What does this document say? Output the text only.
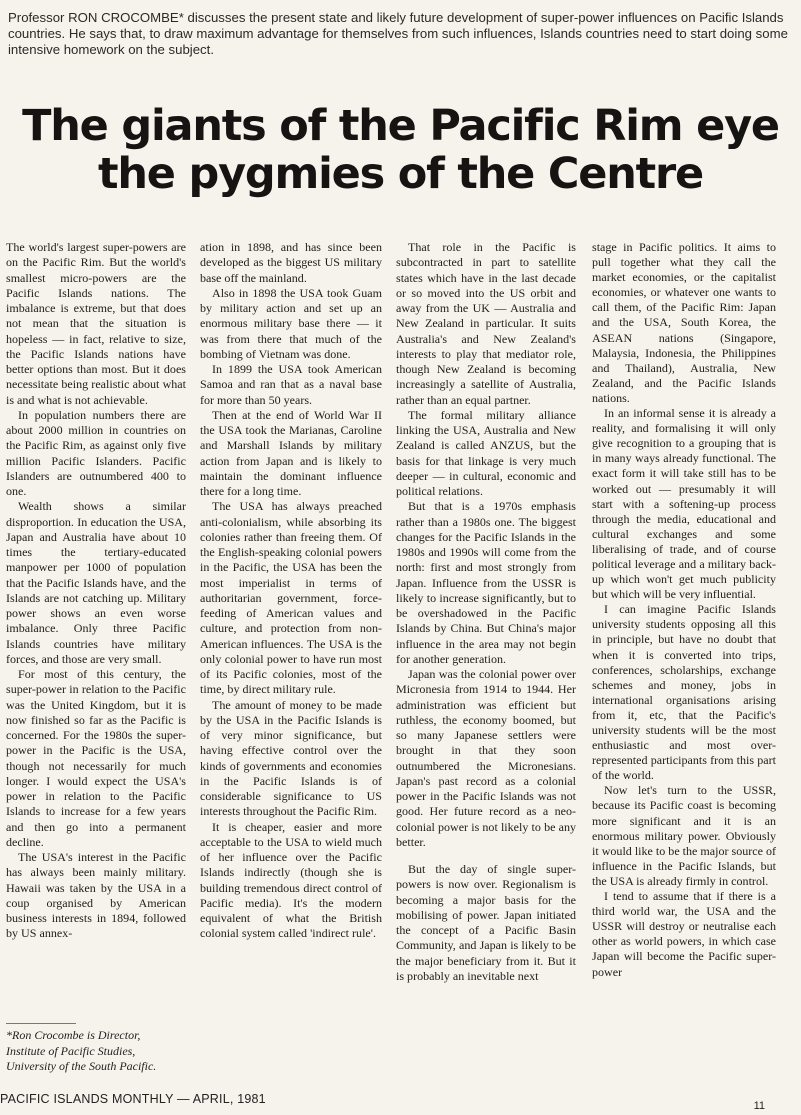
Professor RON CROCOMBE* discusses the present state and likely future development of super-power influences on Pacific Islands countries. He says that, to draw maximum advantage for themselves from such influences, Islands countries need to start doing some intensive homework on the subject.
The giants of the Pacific Rim eye
the pygmies of the Centre

The world's largest super-powers are on the Pacific Rim. But the world's smallest micro-powers are the Pacific Islands nations. The imbalance is extreme, but that does not mean that the situation is hopeless — in fact, relative to size, the Pacific Islands nations have better options than most. But it does necessitate being realistic about what is and what is not achievable.

In population numbers there are about 2000 million in countries on the Pacific Rim, as against only five million Pacific Islanders. Pacific Islanders are outnumbered 400 to one.

Wealth shows a similar disproportion. In education the USA, Japan and Australia have about 10 times the tertiary-educated manpower per 1000 of population that the Pacific Islands have, and the Islands are not catching up. Military power shows an even worse imbalance. Only three Pacific Islands countries have military forces, and those are very small.

For most of this century, the super-power in relation to the Pacific was the United Kingdom, but it is now finished so far as the Pacific is concerned. For the 1980s the super-power in the Pacific is the USA, though not necessarily for much longer. I would expect the USA's power in relation to the Pacific Islands to increase for a few years and then go into a permanent decline.

The USA's interest in the Pacific has always been mainly military. Hawaii was taken by the USA in a coup organised by American business interests in 1894, followed by US annex-

ation in 1898, and has since been developed as the biggest US military base off the mainland.

Also in 1898 the USA took Guam by military action and set up an enormous military base there — it was from there that much of the bombing of Vietnam was done.

In 1899 the USA took American Samoa and ran that as a naval base for more than 50 years.

Then at the end of World War II the USA took the Marianas, Caroline and Marshall Islands by military action from Japan and is likely to maintain the dominant influence there for a long time.

The USA has always preached anti-colonialism, while absorbing its colonies rather than freeing them. Of the English-speaking colonial powers in the Pacific, the USA has been the most imperialist in terms of authoritarian government, force-feeding of American values and culture, and protection from non-American influences. The USA is the only colonial power to have run most of its Pacific colonies, most of the time, by direct military rule.

The amount of money to be made by the USA in the Pacific Islands is of very minor significance, but having effective control over the kinds of governments and economies in the Pacific Islands is of considerable significance to US interests throughout the Pacific Rim.

It is cheaper, easier and more acceptable to the USA to wield much of her influence over the Pacific Islands indirectly (though she is building tremendous direct control of Pacific media). It's the modern equivalent of what the British colonial system called 'indirect rule'.

That role in the Pacific is subcontracted in part to satellite states which have in the last decade or so moved into the US orbit and away from the UK — Australia and New Zealand in particular. It suits Australia's and New Zealand's interests to play that mediator role, though New Zealand is becoming increasingly a satellite of Australia, rather than an equal partner.

The formal military alliance linking the USA, Australia and New Zealand is called ANZUS, but the basis for that linkage is very much deeper — in cultural, economic and political relations.

But that is a 1970s emphasis rather than a 1980s one. The biggest changes for the Pacific Islands in the 1980s and 1990s will come from the north: first and most strongly from Japan. Influence from the USSR is likely to increase significantly, but to be overshadowed in the Pacific Islands by China. But China's major influence in the area may not begin for another generation.

Japan was the colonial power over Micronesia from 1914 to 1944. Her administration was efficient but ruthless, the economy boomed, but so many Japanese settlers were brought in that they soon outnumbered the Micronesians. Japan's past record as a colonial power in the Pacific Islands was not good. Her future record as a neo-colonial power is not likely to be any better.

But the day of single super-powers is now over. Regionalism is becoming a major basis for the mobilising of power. Japan initiated the concept of a Pacific Basin Community, and Japan is likely to be the major beneficiary from it. But it is probably an inevitable next

stage in Pacific politics. It aims to pull together what they call the market economies, or the capitalist economies, or whatever one wants to call them, of the Pacific Rim: Japan and the USA, South Korea, the ASEAN nations (Singapore, Malaysia, Indonesia, the Philippines and Thailand), Australia, New Zealand, and the Pacific Islands nations.

In an informal sense it is already a reality, and formalising it will only give recognition to a grouping that is in many ways already functional. The exact form it will take still has to be worked out — presumably it will start with a softening-up process through the media, educational and cultural exchanges and some liberalising of trade, and of course political leverage and a military back-up which won't get much publicity but which will be very influential.

I can imagine Pacific Islands university students opposing all this in principle, but have no doubt that when it is converted into trips, conferences, scholarships, exchange schemes and money, jobs in international organisations arising from it, etc, that the Pacific's university students will be the most enthusiastic and most over-represented participants from this part of the world.

Now let's turn to the USSR, because its Pacific coast is becoming more significant and it is an enormous military power. Obviously it would like to be the major source of influence in the Pacific Islands, but the USA is already firmly in control.

I tend to assume that if there is a third world war, the USA and the USSR will destroy or neutralise each other as world powers, in which case Japan will become the Pacific super-power

*Ron Crocombe is Director, Institute of Pacific Studies, University of the South Pacific.
PACIFIC ISLANDS MONTHLY — APRIL, 1981	11
